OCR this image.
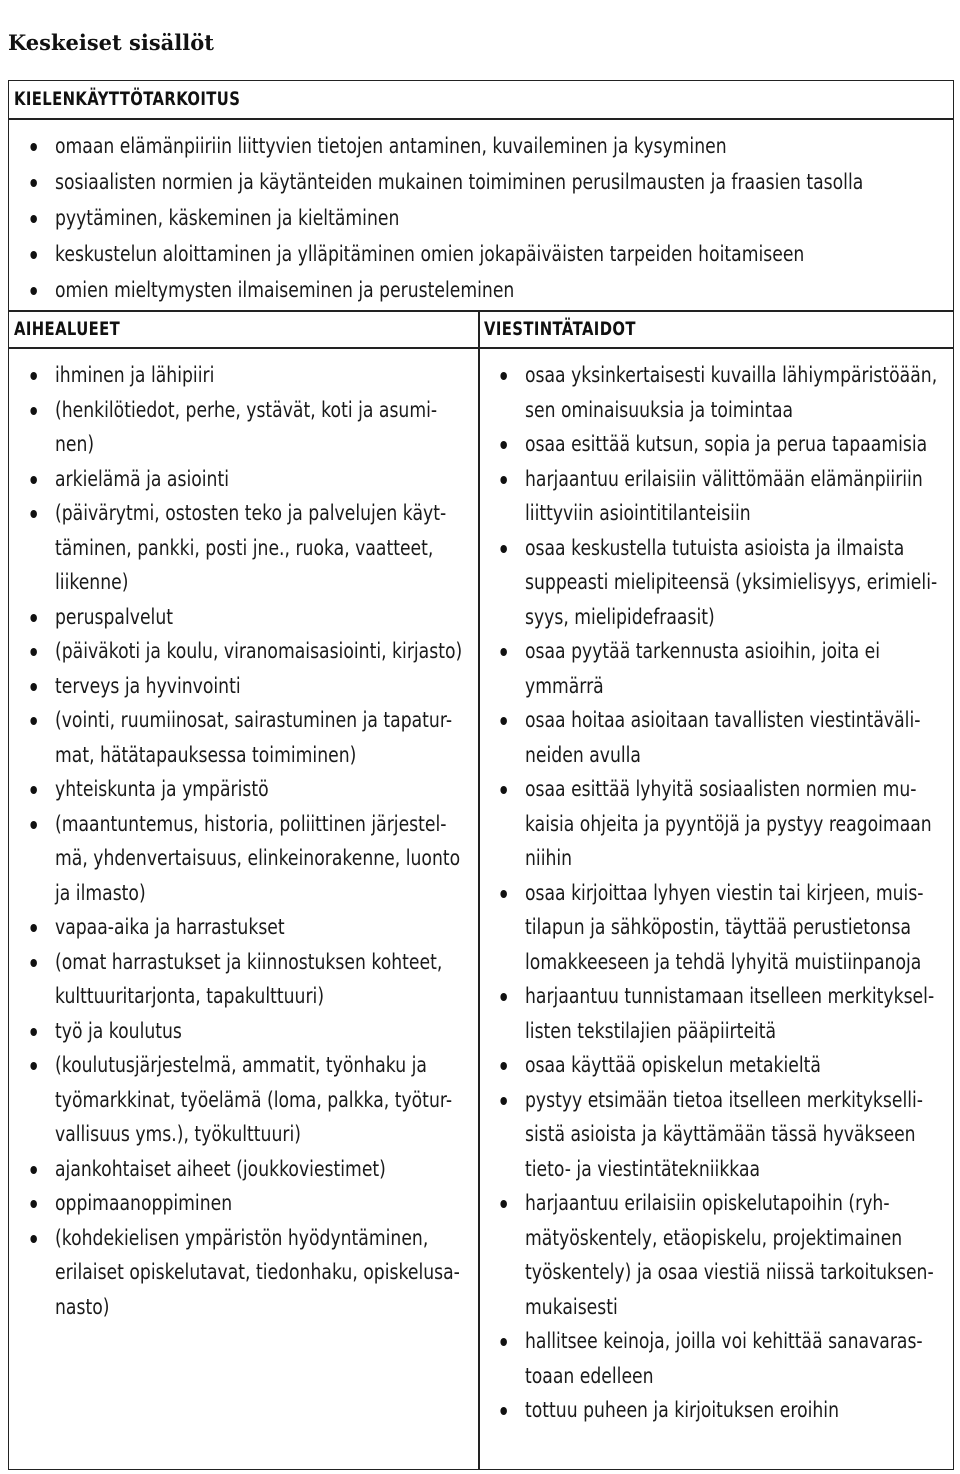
Keskeiset sisällöt
KIELENKÄYTTÖTARKOITUS
omaan elämänpiiriin liittyvien tietojen antaminen, kuvaileminen ja kysyminen
sosiaalisten normien ja käytänteiden mukainen toimiminen perusilmausten ja fraasien tasolla
pyytäminen, käskeminen ja kieltäminen
keskustelun aloittaminen ja ylläpitäminen omien jokapäiväisten tarpeiden hoitamiseen
omien mieltymysten ilmaiseminen ja perusteleminen
AIHEALUEET	VIESTINTÄTAIDOT
ihminen ja lähipiiri
(henkilötiedot, perhe, ystävät, koti ja asumi-
nen)
arkielämä ja asiointi
(päivärytmi, ostosten teko ja palvelujen käyt-
täminen, pankki, posti jne., ruoka, vaatteet,
liikenne)
peruspalvelut
(päiväkoti ja koulu, viranomaisasiointi, kirjasto)
terveys ja hyvinvointi
(vointi, ruumiinosat, sairastuminen ja tapatur-
mat, hätätapauksessa toimiminen)
yhteiskunta ja ympäristö
(maantuntemus, historia, poliittinen järjestel-
mä, yhdenvertaisuus, elinkeinorakenne, luonto
ja ilmasto)
vapaa-aika ja harrastukset
(omat harrastukset ja kiinnostuksen kohteet,
kulttuuritarjonta, tapakulttuuri)
työ ja koulutus
(koulutusjärjestelmä, ammatit, työnhaku ja
työmarkkinat, työelämä (loma, palkka, työtur-
vallisuus yms.), työkulttuuri)
ajankohtaiset aiheet (joukkoviestimet)
oppimaanoppiminen
(kohdekielisen ympäristön hyödyntäminen,
erilaiset opiskelutavat, tiedonhaku, opiskelusa-
nasto)
osaa yksinkertaisesti kuvailla lähiympäristöään,
sen ominaisuuksia ja toimintaa
osaa esittää kutsun, sopia ja perua tapaamisia
harjaantuu erilaisiin välittömään elämänpiiriin
liittyviin asiointitilanteisiin
osaa keskustella tutuista asioista ja ilmaista
suppeasti mielipiteensä (yksimielisyys, erimieli-
syys, mielipidefraasit)
osaa pyytää tarkennusta asioihin, joita ei
ymmärrä
osaa hoitaa asioitaan tavallisten viestintäväli-
neiden avulla
osaa esittää lyhyitä sosiaalisten normien mu-
kaisia ohjeita ja pyyntöjä ja pystyy reagoimaan
niihin
osaa kirjoittaa lyhyen viestin tai kirjeen, muis-
tilapun ja sähköpostin, täyttää perustietonsa
lomakkeeseen ja tehdä lyhyitä muistiinpanoja
harjaantuu tunnistamaan itselleen merkityksel-
listen tekstilajien pääpiirteitä
osaa käyttää opiskelun metakieltä
pystyy etsimään tietoa itselleen merkitykselli-
sistä asioista ja käyttämään tässä hyväkseen
tieto- ja viestintätekniikkaa
harjaantuu erilaisiin opiskelutapoihin (ryh-
mätyöskentely, etäopiskelu, projektimainen
työskentely) ja osaa viestiä niissä tarkoituksen-
mukaisesti
hallitsee keinoja, joilla voi kehittää sanavaras-
toaan edelleen
tottuu puheen ja kirjoituksen eroihin
